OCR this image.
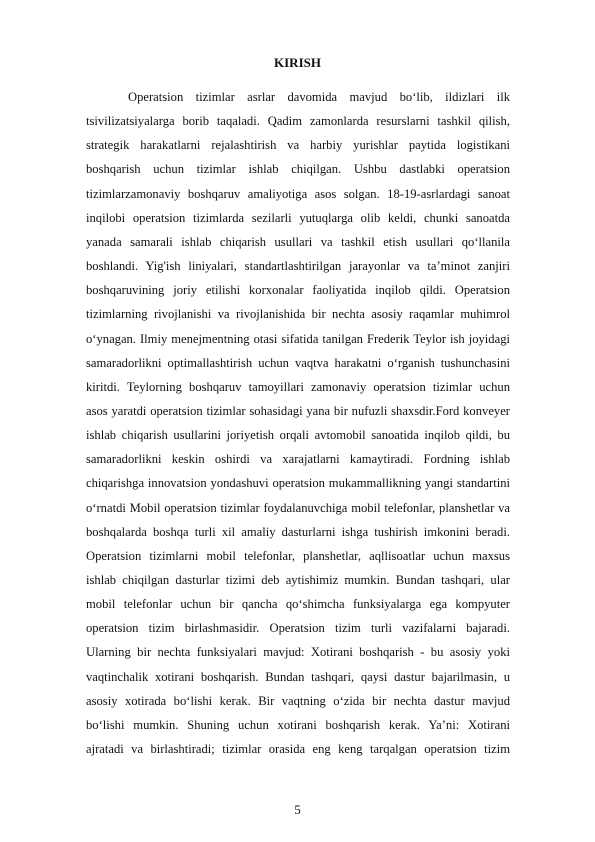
KIRISH
Operatsion tizimlar asrlar davomida mavjud bo‘lib, ildizlari ilk
tsivilizatsiyalarga borib taqaladi. Qadim zamonlarda resurslarni tashkil qilish,
strategik harakatlarni rejalashtirish va harbiy yurishlar paytida logistikani
boshqarish uchun tizimlar ishlab chiqilgan. Ushbu dastlabki operatsion
tizimlarzamonaviy boshqaruv amaliyotiga asos solgan. 18-19-asrlardagi sanoat
inqilobi operatsion tizimlarda sezilarli yutuqlarga olib keldi, chunki sanoatda
yanada samarali ishlab chiqarish usullari va tashkil etish usullari qo‘llanila
boshlandi. Yig'ish liniyalari, standartlashtirilgan jarayonlar va ta’minot zanjiri
boshqaruvining joriy etilishi korxonalar faoliyatida inqilob qildi. Operatsion
tizimlarning rivojlanishi va rivojlanishida bir nechta asosiy raqamlar muhimrol
o‘ynagan. Ilmiy menejmentning otasi sifatida tanilgan Frederik Teylor ish joyidagi
samaradorlikni optimallashtirish uchun vaqtva harakatni o‘rganish tushunchasini
kiritdi. Teylorning boshqaruv tamoyillari zamonaviy operatsion tizimlar uchun
asos yaratdi operatsion tizimlar sohasidagi yana bir nufuzli shaxsdir.Ford konveyer
ishlab chiqarish usullarini joriyetish orqali avtomobil sanoatida inqilob qildi, bu
samaradorlikni keskin oshirdi va xarajatlarni kamaytiradi. Fordning ishlab
chiqarishga innovatsion yondashuvi operatsion mukammallikning yangi standartini
o‘rnatdi Mobil operatsion tizimlar foydalanuvchiga mobil telefonlar, planshetlar va
boshqalarda boshqa turli xil amaliy dasturlarni ishga tushirish imkonini beradi.
Operatsion tizimlarni mobil telefonlar, planshetlar, aqllisoatlar uchun maxsus
ishlab chiqilgan dasturlar tizimi deb aytishimiz mumkin. Bundan tashqari, ular
mobil telefonlar uchun bir qancha qo‘shimcha funksiyalarga ega kompyuter
operatsion tizim birlashmasidir. Operatsion tizim turli vazifalarni bajaradi.
Ularning bir nechta funksiyalari mavjud: Xotirani boshqarish - bu asosiy yoki
vaqtinchalik xotirani boshqarish. Bundan tashqari, qaysi dastur bajarilmasin, u
asosiy xotirada bo‘lishi kerak. Bir vaqtning o‘zida bir nechta dastur mavjud
bo‘lishi mumkin. Shuning uchun xotirani boshqarish kerak. Ya’ni: Xotirani
ajratadi va birlashtiradi; tizimlar orasida eng keng tarqalgan operatsion tizim
5
